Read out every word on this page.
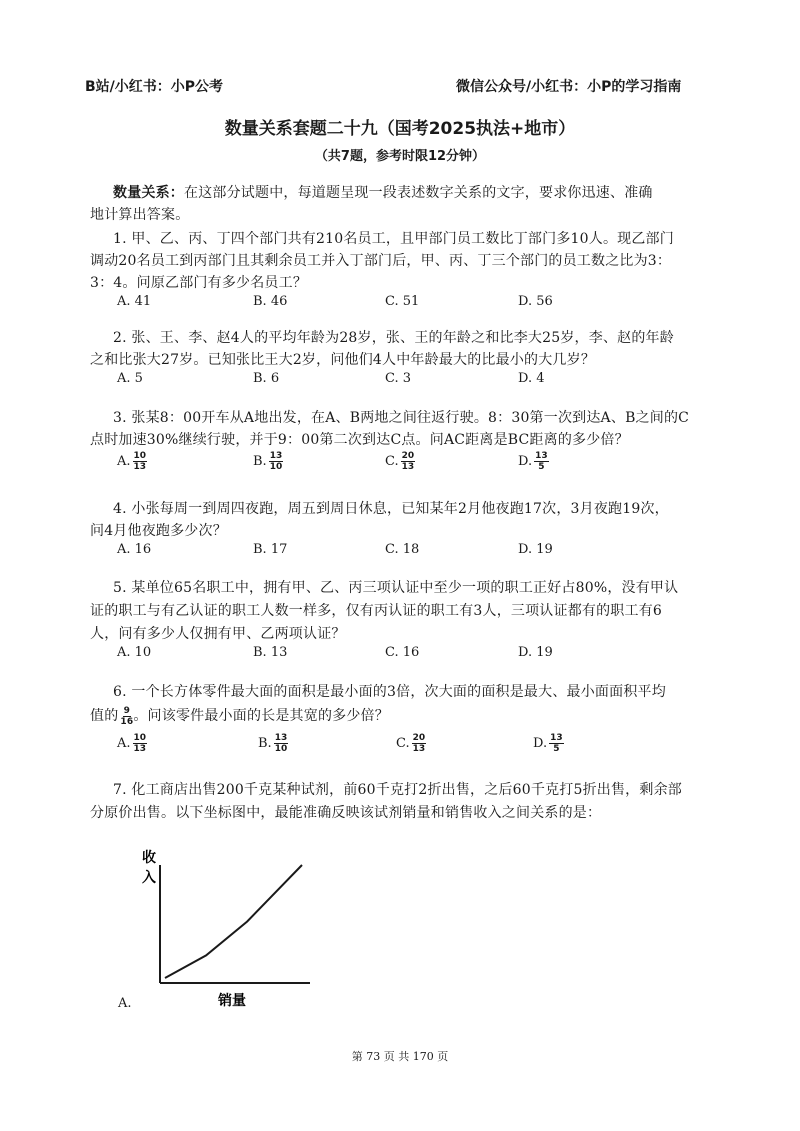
B站/小红书：小P公考	微信公众号/小红书：小P的学习指南
数量关系套题二十九（国考2025执法+地市）
（共7题，参考时限12分钟）
数量关系：在这部分试题中，每道题呈现一段表述数字关系的文字，要求你迅速、准确
地计算出答案。
1. 甲、乙、丙、丁四个部门共有210名员工，且甲部门员工数比丁部门多10人。现乙部门
调动20名员工到丙部门且其剩余员工并入丁部门后，甲、丙、丁三个部门的员工数之比为3：
3：4。问原乙部门有多少名员工？
A. 41	B. 46	C. 51	D. 56
2. 张、王、李、赵4人的平均年龄为28岁，张、王的年龄之和比李大25岁，李、赵的年龄
之和比张大27岁。已知张比王大2岁，问他们4人中年龄最大的比最小的大几岁？
A. 5	B. 6	C. 3	D. 4
3. 张某8：00开车从A地出发，在A、B两地之间往返行驶。8：30第一次到达A、B之间的C
点时加速30%继续行驶，并于9：00第二次到达C点。问AC距离是BC距离的多少倍？
A. $\frac{10}{13}$	B. $\frac{13}{10}$	C. $\frac{20}{13}$	D. $\frac{13}{5}$
4. 小张每周一到周四夜跑，周五到周日休息，已知某年2月他夜跑17次，3月夜跑19次，
问4月他夜跑多少次？
A. 16	B. 17	C. 18	D. 19
5. 某单位65名职工中，拥有甲、乙、丙三项认证中至少一项的职工正好占80%，没有甲认
证的职工与有乙认证的职工人数一样多，仅有丙认证的职工有3人，三项认证都有的职工有6
人，问有多少人仅拥有甲、乙两项认证？
A. 10	B. 13	C. 16	D. 19
6. 一个长方体零件最大面的面积是最小面的3倍，次大面的面积是最大、最小面面积平均
值的 $\frac{9}{16}$ 。问该零件最小面的长是其宽的多少倍？
A. $\frac{10}{13}$	B. $\frac{13}{10}$	C. $\frac{20}{13}$	D. $\frac{13}{5}$
7. 化工商店出售200千克某种试剂，前60千克打2折出售，之后60千克打5折出售，剩余部
分原价出售。以下坐标图中，最能准确反映该试剂销量和销售收入之间关系的是：
收
入
销量
A.
第 73 页 共 170 页
